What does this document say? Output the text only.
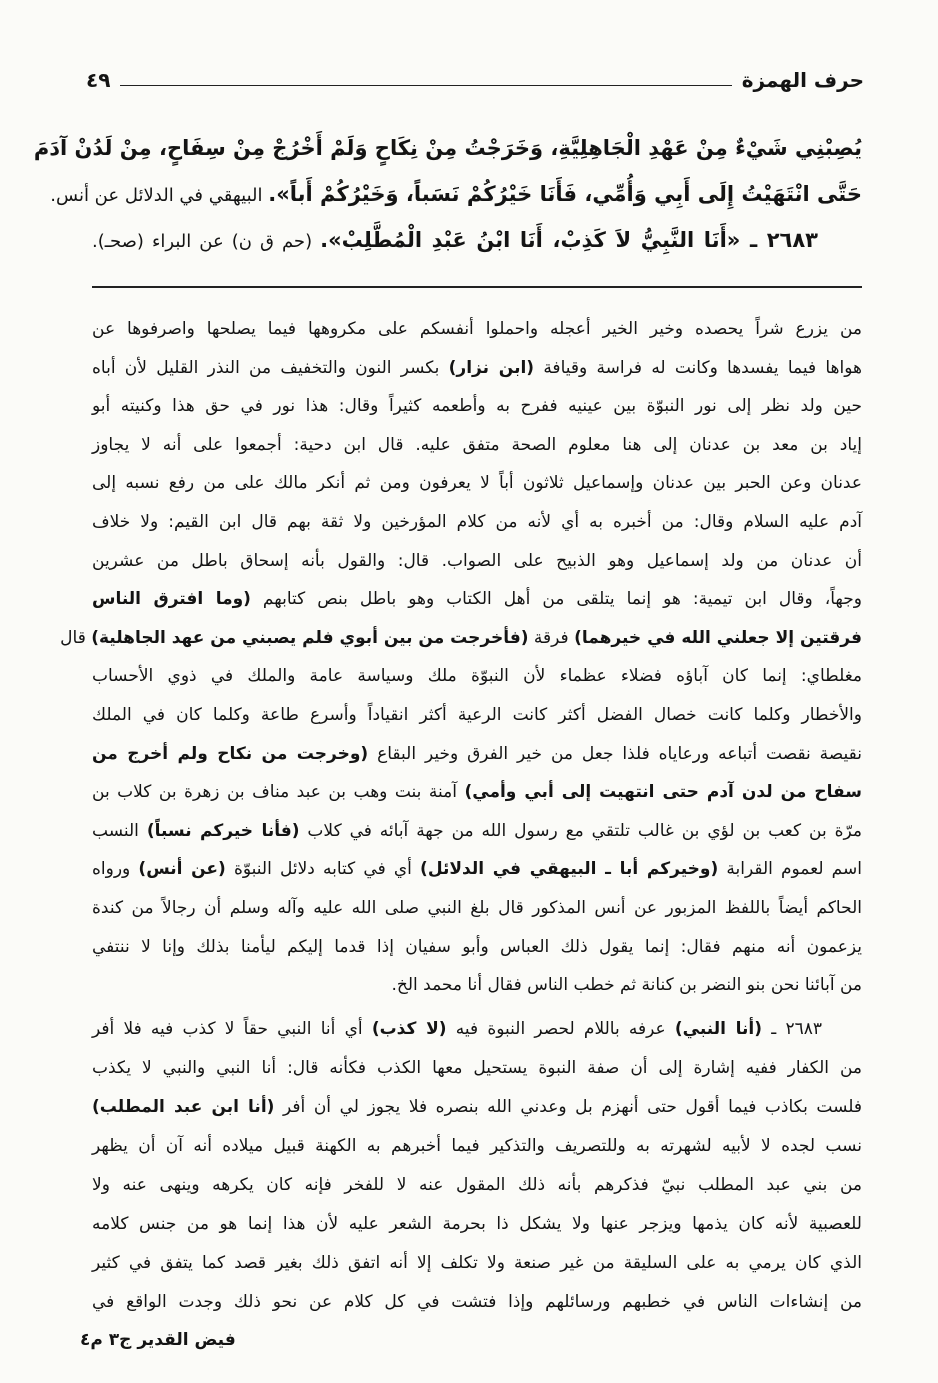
حرف الهمزة
٤٩
يُصِبْنِي شَيْءٌ مِنْ عَهْدِ الْجَاهِلِيَّةِ، وَخَرَجْتُ مِنْ نِكَاحٍ وَلَمْ أَخْرُجْ مِنْ سِفَاحٍ، مِنْ لَدُنْ آدَمَ
حَتَّى انْتَهَيْتُ إِلَى أَبِي وَأُمِّي، فَأَنَا خَيْرُكُمْ نَسَباً، وَخَيْرُكُمْ أَباً». البيهقي في الدلائل عن أنس.
٢٦٨٣ ـ «أَنَا النَّبِيُّ لاَ كَذِبْ، أَنَا ابْنُ عَبْدِ الْمُطَّلِبْ». (حم ق ن) عن البراء (صحـ).
من يزرع شراً يحصده وخير الخير أعجله واحملوا أنفسكم على مكروهها فيما يصلحها واصرفوها عن
هواها فيما يفسدها وكانت له فراسة وقيافة (ابن نزار) بكسر النون والتخفيف من النذر القليل لأن أباه
حين ولد نظر إلى نور النبوّة بين عينيه ففرح به وأطعمه كثيراً وقال: هذا نور في حق هذا وكنيته أبو
إياد بن معد بن عدنان إلى هنا معلوم الصحة متفق عليه. قال ابن دحية: أجمعوا على أنه لا يجاوز
عدنان وعن الحبر بين عدنان وإسماعيل ثلاثون أباً لا يعرفون ومن ثم أنكر مالك على من رفع نسبه إلى
آدم عليه السلام وقال: من أخبره به أي لأنه من كلام المؤرخين ولا ثقة بهم قال ابن القيم: ولا خلاف
أن عدنان من ولد إسماعيل وهو الذبيح على الصواب. قال: والقول بأنه إسحاق باطل من عشرين
وجهاً، وقال ابن تيمية: هو إنما يتلقى من أهل الكتاب وهو باطل بنص كتابهم (وما افترق الناس
فرقتين إلا جعلني الله في خيرهما) فرقة (فأخرجت من بين أبوي فلم يصبني من عهد الجاهلية) قال
مغلطاي: إنما كان آباؤه فضلاء عظماء لأن النبوّة ملك وسياسة عامة والملك في ذوي الأحساب
والأخطار وكلما كانت خصال الفضل أكثر كانت الرعية أكثر انقياداً وأسرع طاعة وكلما كان في الملك
نقيصة نقصت أتباعه ورعاياه فلذا جعل من خير الفرق وخير البقاع (وخرجت من نكاح ولم أخرج من
سفاح من لدن آدم حتى انتهيت إلى أبي وأمي) آمنة بنت وهب بن عبد مناف بن زهرة بن كلاب بن
مرّة بن كعب بن لؤي بن غالب تلتقي مع رسول الله من جهة آبائه في كلاب (فأنا خيركم نسباً) النسب
اسم لعموم القرابة (وخيركم أبا ـ البيهقي في الدلائل) أي في كتابه دلائل النبوّة (عن أنس) ورواه
الحاكم أيضاً باللفظ المزبور عن أنس المذكور قال بلغ النبي صلى الله عليه وآله وسلم أن رجالاً من كندة
يزعمون أنه منهم فقال: إنما يقول ذلك العباس وأبو سفيان إذا قدما إليكم ليأمنا بذلك وإنا لا ننتفي
من آبائنا نحن بنو النضر بن كنانة ثم خطب الناس فقال أنا محمد الخ.
٢٦٨٣ ـ (أنا النبي) عرفه باللام لحصر النبوة فيه (لا كذب) أي أنا النبي حقاً لا كذب فيه فلا أفر
من الكفار ففيه إشارة إلى أن صفة النبوة يستحيل معها الكذب فكأنه قال: أنا النبي والنبي لا يكذب
فلست بكاذب فيما أقول حتى أنهزم بل وعدني الله بنصره فلا يجوز لي أن أفر (أنا ابن عبد المطلب)
نسب لجده لا لأبيه لشهرته به وللتصريف والتذكير فيما أخبرهم به الكهنة قبيل ميلاده أنه آن أن يظهر
من بني عبد المطلب نبيّ فذكرهم بأنه ذلك المقول عنه لا للفخر فإنه كان يكرهه وينهى عنه ولا
للعصبية لأنه كان يذمها ويزجر عنها ولا يشكل ذا بحرمة الشعر عليه لأن هذا إنما هو من جنس كلامه
الذي كان يرمي به على السليقة من غير صنعة ولا تكلف إلا أنه اتفق ذلك بغير قصد كما يتفق في كثير
من إنشاءات الناس في خطبهم ورسائلهم وإذا فتشت في كل كلام عن نحو ذلك وجدت الواقع في
فيض القدير ج٣ م٤
